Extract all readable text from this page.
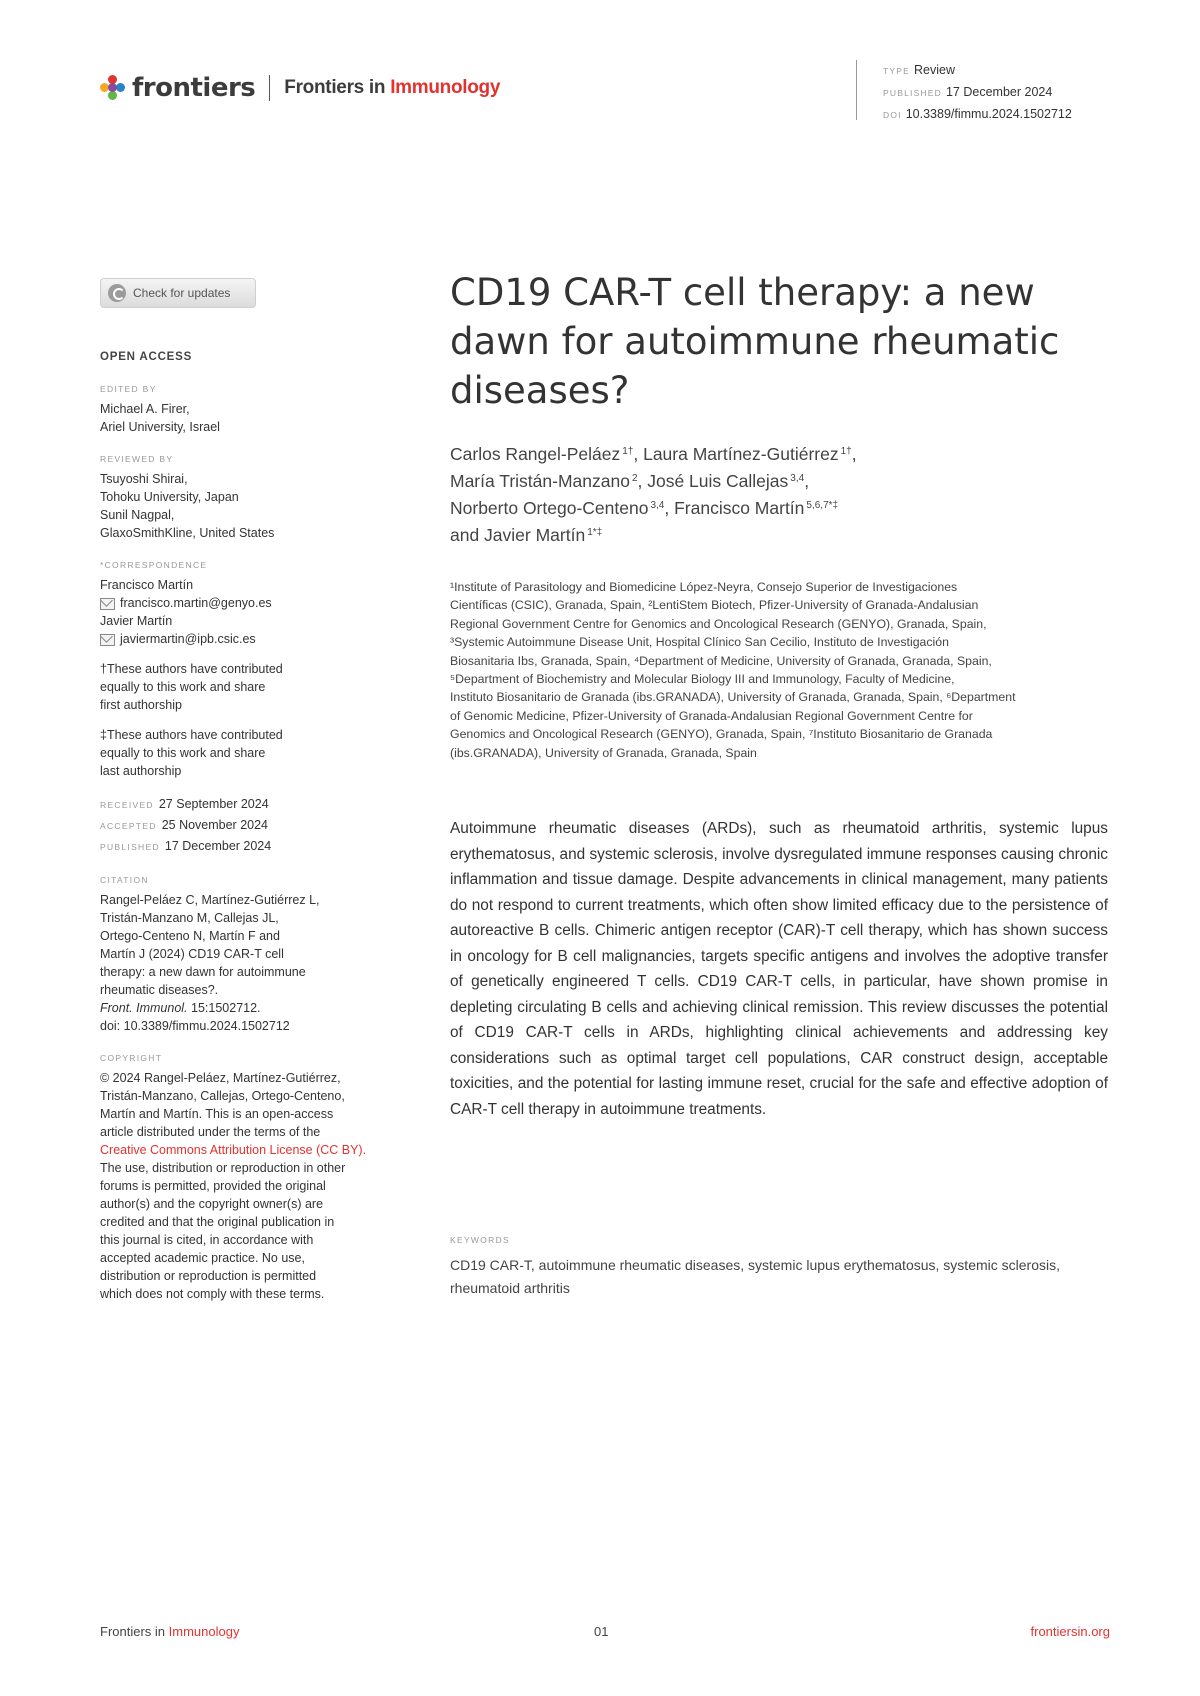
frontiers Frontiers in Immunology
TYPE Review
PUBLISHED 17 December 2024
DOI 10.3389/fimmu.2024.1502712
Check for updates
OPEN ACCESS
EDITED BY
Michael A. Firer,
Ariel University, Israel
REVIEWED BY
Tsuyoshi Shirai,
Tohoku University, Japan
Sunil Nagpal,
GlaxoSmithKline, United States
*CORRESPONDENCE
Francisco Martín
francisco.martin@genyo.es
Javier Martín
javiermartin@ipb.csic.es
†These authors have contributed
equally to this work and share
first authorship
‡These authors have contributed
equally to this work and share
last authorship
RECEIVED 27 September 2024
ACCEPTED 25 November 2024
PUBLISHED 17 December 2024
CITATION
Rangel-Peláez C, Martínez-Gutiérrez L,
Tristán-Manzano M, Callejas JL,
Ortego-Centeno N, Martín F and
Martín J (2024) CD19 CAR-T cell
therapy: a new dawn for autoimmune
rheumatic diseases?.
Front. Immunol. 15:1502712.
doi: 10.3389/fimmu.2024.1502712
COPYRIGHT
© 2024 Rangel-Peláez, Martínez-Gutiérrez,
Tristán-Manzano, Callejas, Ortego-Centeno,
Martín and Martín. This is an open-access
article distributed under the terms of the
Creative Commons Attribution License (CC BY).
The use, distribution or reproduction in other
forums is permitted, provided the original
author(s) and the copyright owner(s) are
credited and that the original publication in
this journal is cited, in accordance with
accepted academic practice. No use,
distribution or reproduction is permitted
which does not comply with these terms.
CD19 CAR-T cell therapy: a new dawn for autoimmune rheumatic diseases?
Carlos Rangel-Peláez $^{1\dagger}$, Laura Martínez-Gutiérrez $^{1\dagger}$,
María Tristán-Manzano $^2$, José Luis Callejas $^{3,4}$,
Norberto Ortego-Centeno $^{3,4}$, Francisco Martín $^{5,6,7*\ddagger}$
and Javier Martín $^{1*\ddagger}$
¹Institute of Parasitology and Biomedicine López-Neyra, Consejo Superior de Investigaciones
Científicas (CSIC), Granada, Spain, ²LentiStem Biotech, Pfizer-University of Granada-Andalusian
Regional Government Centre for Genomics and Oncological Research (GENYO), Granada, Spain,
³Systemic Autoimmune Disease Unit, Hospital Clínico San Cecilio, Instituto de Investigación
Biosanitaria Ibs, Granada, Spain, ⁴Department of Medicine, University of Granada, Granada, Spain,
⁵Department of Biochemistry and Molecular Biology III and Immunology, Faculty of Medicine,
Instituto Biosanitario de Granada (ibs.GRANADA), University of Granada, Granada, Spain, ⁶Department
of Genomic Medicine, Pfizer-University of Granada-Andalusian Regional Government Centre for
Genomics and Oncological Research (GENYO), Granada, Spain, ⁷Instituto Biosanitario de Granada
(ibs.GRANADA), University of Granada, Granada, Spain
Autoimmune rheumatic diseases (ARDs), such as rheumatoid arthritis, systemic lupus erythematosus, and systemic sclerosis, involve dysregulated immune responses causing chronic inflammation and tissue damage. Despite advancements in clinical management, many patients do not respond to current treatments, which often show limited efficacy due to the persistence of autoreactive B cells. Chimeric antigen receptor (CAR)-T cell therapy, which has shown success in oncology for B cell malignancies, targets specific antigens and involves the adoptive transfer of genetically engineered T cells. CD19 CAR-T cells, in particular, have shown promise in depleting circulating B cells and achieving clinical remission. This review discusses the potential of CD19 CAR-T cells in ARDs, highlighting clinical achievements and addressing key considerations such as optimal target cell populations, CAR construct design, acceptable toxicities, and the potential for lasting immune reset, crucial for the safe and effective adoption of CAR-T cell therapy in autoimmune treatments.
KEYWORDS
CD19 CAR-T, autoimmune rheumatic diseases, systemic lupus erythematosus, systemic sclerosis, rheumatoid arthritis
Frontiers in Immunology	01	frontiersin.org
